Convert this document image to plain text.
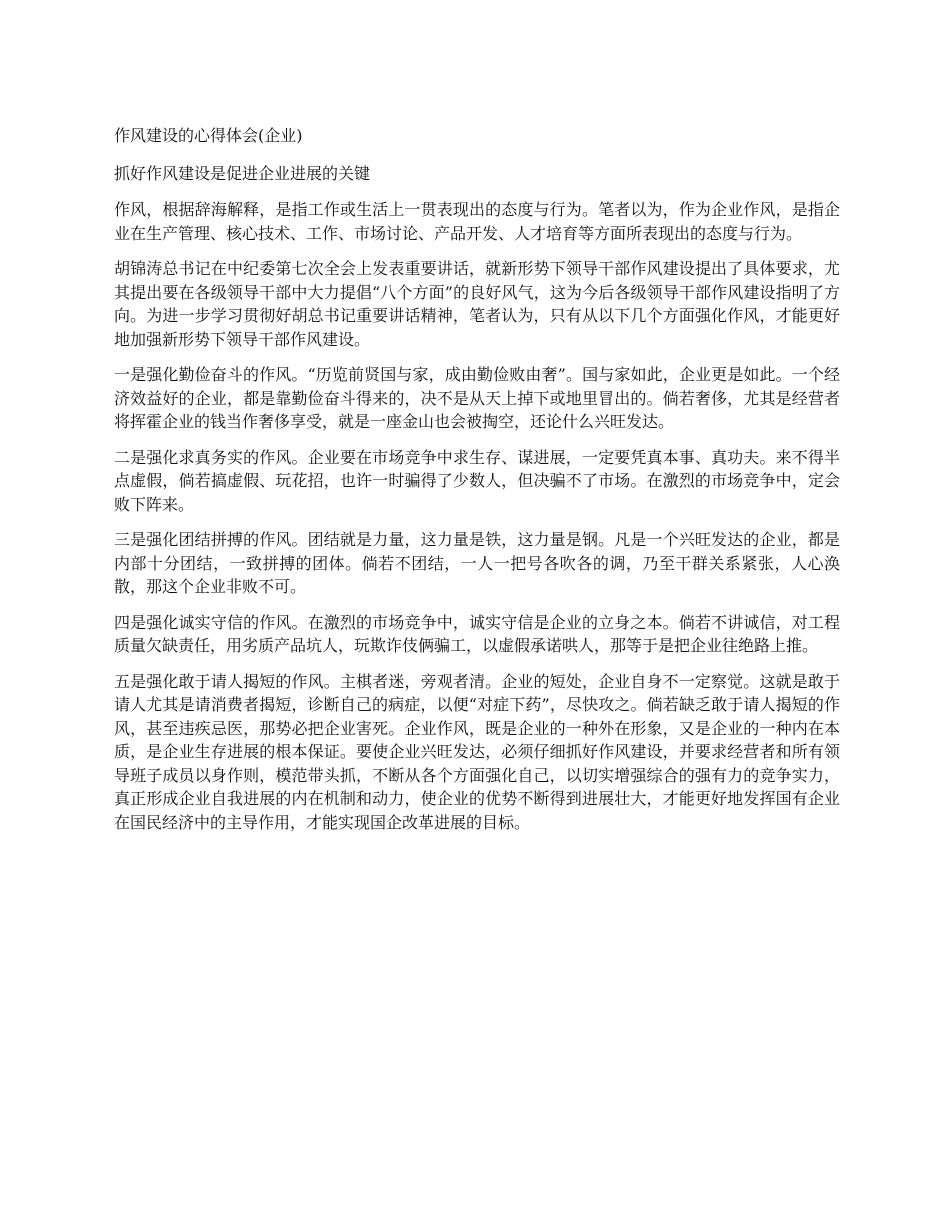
作风建设的心得体会(企业)
抓好作风建设是促进企业进展的关键

作风，根据辞海解释，是指工作或生活上一贯表现出的态度与行为。笔者以为，作为企业作风，是指企业在生产管理、核心技术、工作、市场讨论、产品开发、人才培育等方面所表现出的态度与行为。

胡锦涛总书记在中纪委第七次全会上发表重要讲话，就新形势下领导干部作风建设提出了具体要求，尤其提出要在各级领导干部中大力提倡“八个方面”的良好风气，这为今后各级领导干部作风建设指明了方向。为进一步学习贯彻好胡总书记重要讲话精神，笔者认为，只有从以下几个方面强化作风，才能更好地加强新形势下领导干部作风建设。

一是强化勤俭奋斗的作风。“历览前贤国与家，成由勤俭败由奢”。国与家如此，企业更是如此。一个经济效益好的企业，都是靠勤俭奋斗得来的，决不是从天上掉下或地里冒出的。倘若奢侈，尤其是经营者将挥霍企业的钱当作奢侈享受，就是一座金山也会被掏空，还论什么兴旺发达。

二是强化求真务实的作风。企业要在市场竞争中求生存、谋进展，一定要凭真本事、真功夫。来不得半点虚假，倘若搞虚假、玩花招，也许一时骗得了少数人，但决骗不了市场。在激烈的市场竞争中，定会败下阵来。

三是强化团结拼搏的作风。团结就是力量，这力量是铁，这力量是钢。凡是一个兴旺发达的企业，都是内部十分团结，一致拼搏的团体。倘若不团结，一人一把号各吹各的调，乃至干群关系紧张，人心涣散，那这个企业非败不可。

四是强化诚实守信的作风。在激烈的市场竞争中，诚实守信是企业的立身之本。倘若不讲诚信，对工程质量欠缺责任，用劣质产品坑人，玩欺诈伎俩骗工，以虚假承诺哄人，那等于是把企业往绝路上推。

五是强化敢于请人揭短的作风。主棋者迷，旁观者清。企业的短处，企业自身不一定察觉。这就是敢于请人尤其是请消费者揭短，诊断自己的病症，以便“对症下药”，尽快攻之。倘若缺乏敢于请人揭短的作风，甚至违疾忌医，那势必把企业害死。企业作风，既是企业的一种外在形象，又是企业的一种内在本质，是企业生存进展的根本保证。要使企业兴旺发达，必须仔细抓好作风建设，并要求经营者和所有领导班子成员以身作则，模范带头抓，不断从各个方面强化自己，以切实增强综合的强有力的竞争实力，真正形成企业自我进展的内在机制和动力，使企业的优势不断得到进展壮大，才能更好地发挥国有企业在国民经济中的主导作用，才能实现国企改革进展的目标。
